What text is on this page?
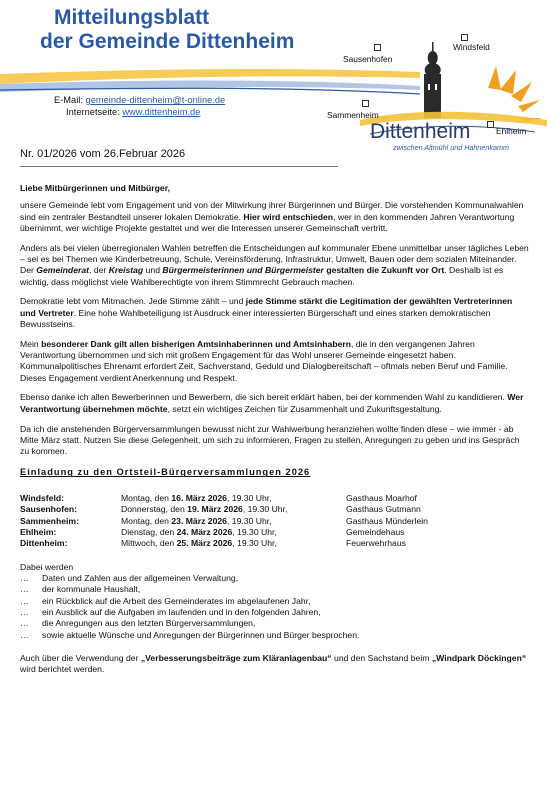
Mitteilungsblatt
der Gemeinde Dittenheim
E-Mail: gemeinde-dittenheim@t-online.de
Internetseite: www.dittenheim.de
Sausenhofen
Windsfeld
Sammenheim
Ehlheim
Dittenheim
zwischen Altmühl und Hahnenkamm
Nr. 01/2026 vom 26.Februar 2026

Liebe Mitbürgerinnen und Mitbürger,

unsere Gemeinde lebt vom Engagement und von der Mitwirkung ihrer Bürgerinnen und Bürger. Die vorstehenden Kommunalwahlen sind ein zentraler Bestandteil unserer lokalen Demokratie. Hier wird entschieden, wer in den kommenden Jahren Verantwortung übernimmt, wer wichtige Projekte gestaltet und wer die Interessen unserer Gemeinschaft vertritt.

Anders als bei vielen überregionalen Wahlen betreffen die Entscheidungen auf kommunaler Ebene unmittelbar unser tägliches Leben – sei es bei Themen wie Kinderbetreuung, Schule, Vereinsförderung, Infrastruktur, Umwelt, Bauen oder dem sozialen Miteinander. Der Gemeinderat, der Kreistag und Bürgermeisterinnen und Bürgermeister gestalten die Zukunft vor Ort. Deshalb ist es wichtig, dass möglichst viele Wahlberechtigte von ihrem Stimmrecht Gebrauch machen.

Demokratie lebt vom Mitmachen. Jede Stimme zählt – und jede Stimme stärkt die Legitimation der gewählten Vertreterinnen und Vertreter. Eine hohe Wahlbeteiligung ist Ausdruck einer interessierten Bürgerschaft und eines starken demokratischen Bewusstseins.

Mein besonderer Dank gilt allen bisherigen Amtsinhaberinnen und Amtsinhabern, die in den vergangenen Jahren Verantwortung übernommen und sich mit großem Engagement für das Wohl unserer Gemeinde eingesetzt haben. Kommunalpolitisches Ehrenamt erfordert Zeit, Sachverstand, Geduld und Dialogbereitschaft – oftmals neben Beruf und Familie. Dieses Engagement verdient Anerkennung und Respekt.

Ebenso danke ich allen Bewerberinnen und Bewerbern, die sich bereit erklärt haben, bei der kommenden Wahl zu kandidieren. Wer Verantwortung übernehmen möchte, setzt ein wichtiges Zeichen für Zusammenhalt und Zukunftsgestaltung.

Da ich die anstehenden Bürgerversammlungen bewusst nicht zur Wahlwerbung heranziehen wollte finden diese – wie immer - ab Mitte März statt. Nutzen Sie diese Gelegenheit, um sich zu informieren, Fragen zu stellen, Anregungen zu geben und ins Gespräch zu kommen.

Einladung zu den Ortsteil-Bürgerversammlungen 2026
Windsfeld:	Montag, den 16. März 2026, 19.30 Uhr,	Gasthaus Moarhof
Sausenhofen:	Donnerstag, den 19. März 2026, 19.30 Uhr,	Gasthaus Gutmann
Sammenheim:	Montag, den 23. März 2026, 19.30 Uhr,	Gasthaus Münderlein
Ehlheim:	Dienstag, den 24. März 2026, 19.30 Uhr,	Gemeindehaus
Dittenheim:	Mittwoch, den 25. März 2026, 19.30 Uhr,	Feuerwehrhaus
Dabei werden
… Daten und Zahlen aus der allgemeinen Verwaltung,
… der kommunale Haushalt,
… ein Rückblick auf die Arbeit des Gemeinderates im abgelaufenen Jahr,
… ein Ausblick auf die Aufgaben im laufenden und in den folgenden Jahren,
… die Anregungen aus den letzten Bürgerversammlungen,
… sowie aktuelle Wünsche und Anregungen der Bürgerinnen und Bürger besprochen.

Auch über die Verwendung der „Verbesserungsbeiträge zum Kläranlagenbau“ und den Sachstand beim „Windpark Döckingen“ wird berichtet werden.
